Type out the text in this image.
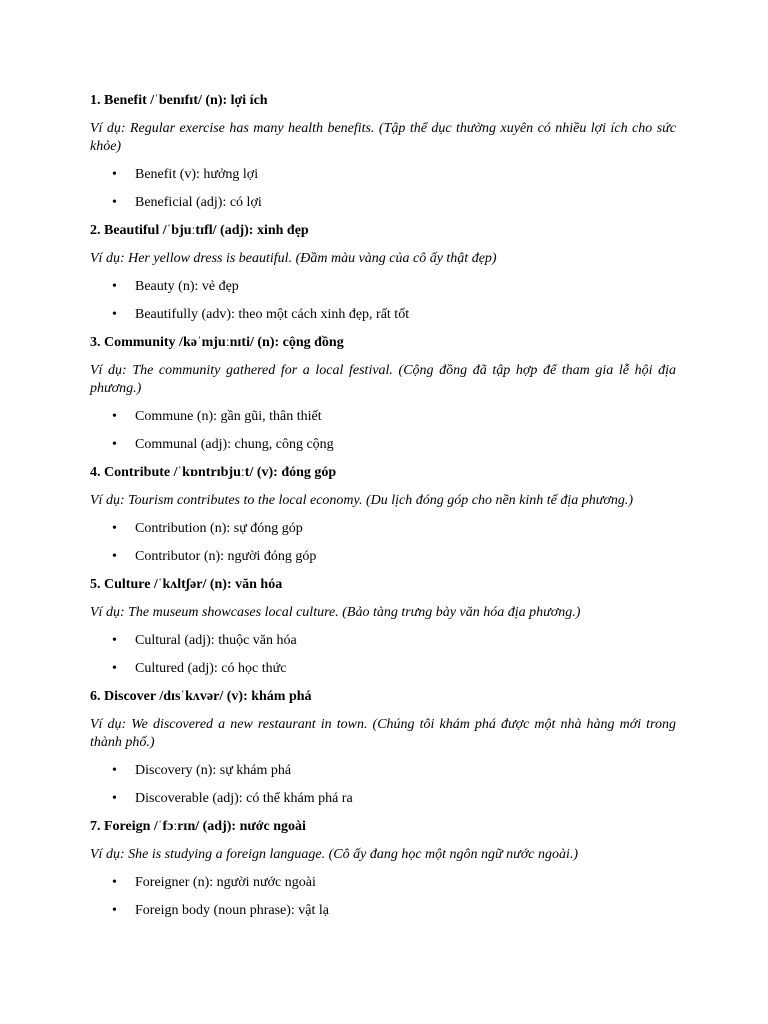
1. Benefit /ˈbenɪfɪt/ (n): lợi ích

Ví dụ: Regular exercise has many health benefits. (Tập thể dục thường xuyên có nhiều lợi ích cho sức khỏe)

• Benefit (v): hưởng lợi
• Beneficial (adj): có lợi

2. Beautiful /ˈbjuːtɪfl/ (adj): xinh đẹp

Ví dụ: Her yellow dress is beautiful. (Đầm màu vàng của cô ấy thật đẹp)

• Beauty (n): vẻ đẹp
• Beautifully (adv): theo một cách xinh đẹp, rất tốt

3. Community /kəˈmjuːnɪti/ (n): cộng đồng

Ví dụ: The community gathered for a local festival. (Cộng đồng đã tập hợp để tham gia lễ hội địa phương.)

• Commune (n): gần gũi, thân thiết
• Communal (adj): chung, công cộng

4. Contribute /ˈkɒntrɪbjuːt/ (v): đóng góp

Ví dụ: Tourism contributes to the local economy. (Du lịch đóng góp cho nền kinh tế địa phương.)

• Contribution (n): sự đóng góp
• Contributor (n): người đóng góp

5. Culture /ˈkʌltʃər/ (n): văn hóa

Ví dụ: The museum showcases local culture. (Bảo tàng trưng bày văn hóa địa phương.)

• Cultural (adj): thuộc văn hóa
• Cultured (adj): có học thức

6. Discover /dɪsˈkʌvər/ (v): khám phá

Ví dụ: We discovered a new restaurant in town. (Chúng tôi khám phá được một nhà hàng mới trong thành phố.)

• Discovery (n): sự khám phá
• Discoverable (adj): có thể khám phá ra

7. Foreign /ˈfɔːrɪn/ (adj): nước ngoài

Ví dụ: She is studying a foreign language. (Cô ấy đang học một ngôn ngữ nước ngoài.)

• Foreigner (n): người nước ngoài
• Foreign body (noun phrase): vật lạ
